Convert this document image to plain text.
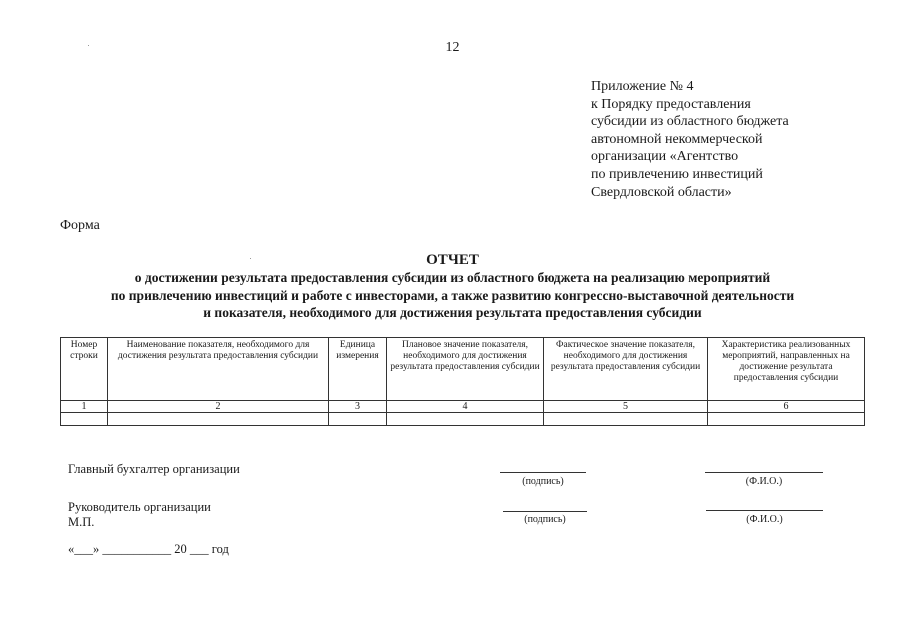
12
Приложение № 4
к Порядку предоставления
субсидии из областного бюджета
автономной некоммерческой
организации «Агентство
по привлечению инвестиций
Свердловской области»
Форма
ОТЧЕТ
о достижении результата предоставления субсидии из областного бюджета на реализацию мероприятий
по привлечению инвестиций и работе с инвесторами, а также развитию конгрессно-выставочной деятельности
и показателя, необходимого для достижения результата предоставления субсидии
Номер строки	Наименование показателя, необходимого для достижения результата предоставления субсидии	Единица измерения	Плановое значение показателя, необходимого для достижения результата предоставления субсидии	Фактическое значение показателя, необходимого для достижения результата предоставления субсидии	Характеристика реализованных мероприятий, направленных на достижение результата предоставления субсидии
1	2	3	4	5	6

Главный бухгалтер организации
(подпись)	(Ф.И.О.)
Руководитель организации
М.П.	(подпись)	(Ф.И.О.)
«___» ___________ 20 ___ год
